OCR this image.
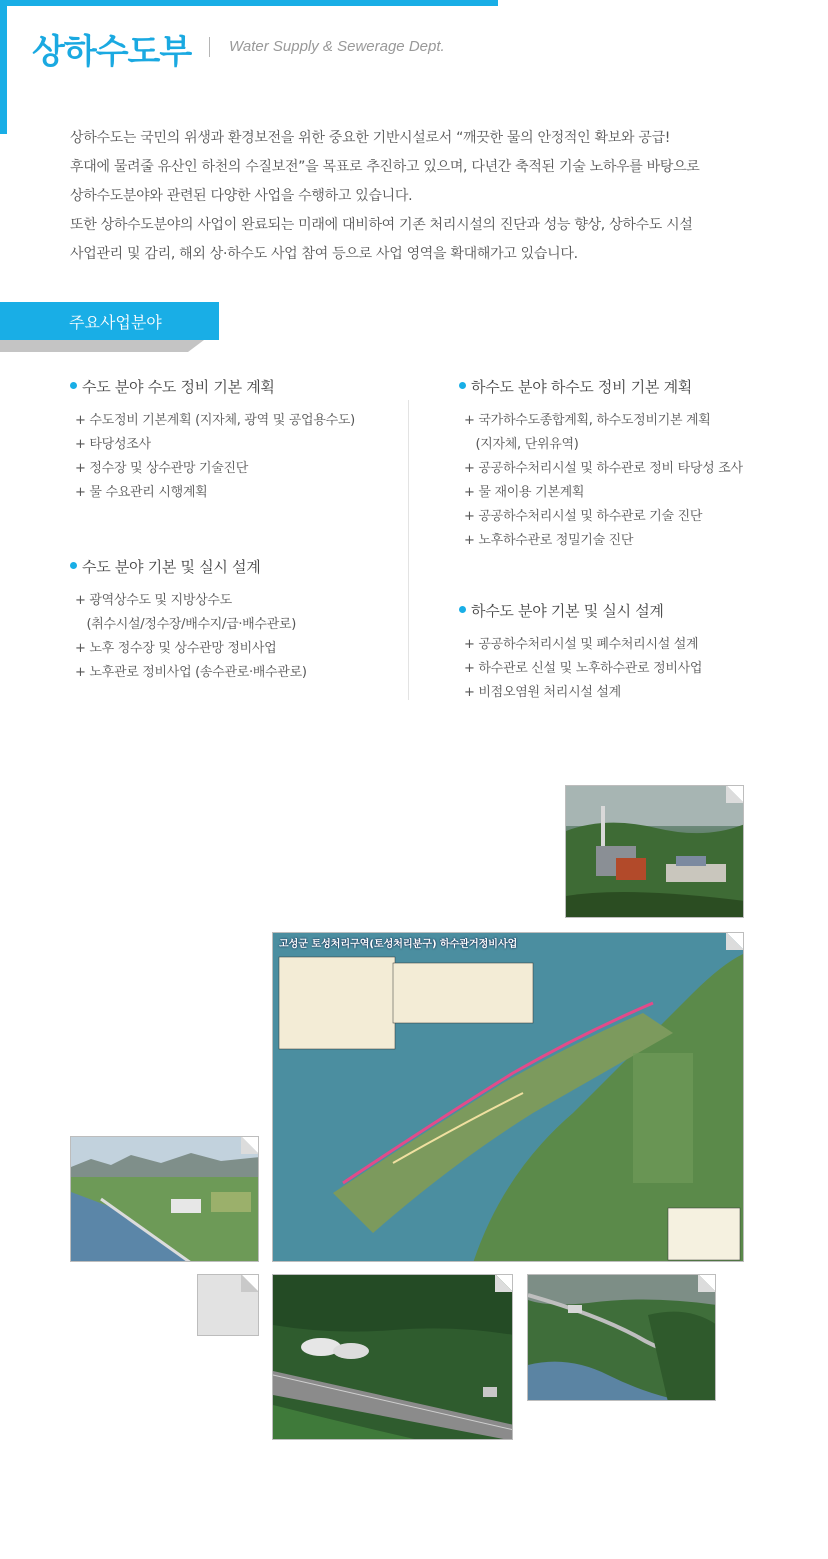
상하수도부	Water Supply & Sewerage Dept.

상하수도는 국민의 위생과 환경보전을 위한 중요한 기반시설로서 “깨끗한 물의 안정적인 확보와 공급!

후대에 물려줄 유산인 하천의 수질보전”을 목표로 추진하고 있으며, 다년간 축적된 기술 노하우를 바탕으로

상하수도분야와 관련된 다양한 사업을 수행하고 있습니다.

또한 상하수도분야의 사업이 완료되는 미래에 대비하여 기존 처리시설의 진단과 성능 향상, 상하수도 시설

사업관리 및 감리, 해외 상·하수도 사업 참여 등으로 사업 영역을 확대해가고 있습니다.

주요사업분야
수도 분야 수도 정비 기본 계획
+ 수도정비 기본계획 (지자체, 광역 및 공업용수도)
+ 타당성조사
+ 정수장 및 상수관망 기술진단
+ 물 수요관리 시행계획
수도 분야 기본 및 실시 설계
+ 광역상수도 및 지방상수도
(취수시설/정수장/배수지/급·배수관로)
+ 노후 정수장 및 상수관망 정비사업
+ 노후관로 정비사업 (송수관로·배수관로)
하수도 분야 하수도 정비 기본 계획
+ 국가하수도종합계획, 하수도정비기본 계획
(지자체, 단위유역)
+ 공공하수처리시설 및 하수관로 정비 타당성 조사
+ 물 재이용 기본계획
+ 공공하수처리시설 및 하수관로 기술 진단
+ 노후하수관로 정밀기술 진단
하수도 분야 기본 및 실시 설계
+ 공공하수처리시설 및 폐수처리시설 설계
+ 하수관로 신설 및 노후하수관로 정비사업
+ 비점오염원 처리시설 설계
고성군 토성처리구역(토성처리분구) 하수관거정비사업
